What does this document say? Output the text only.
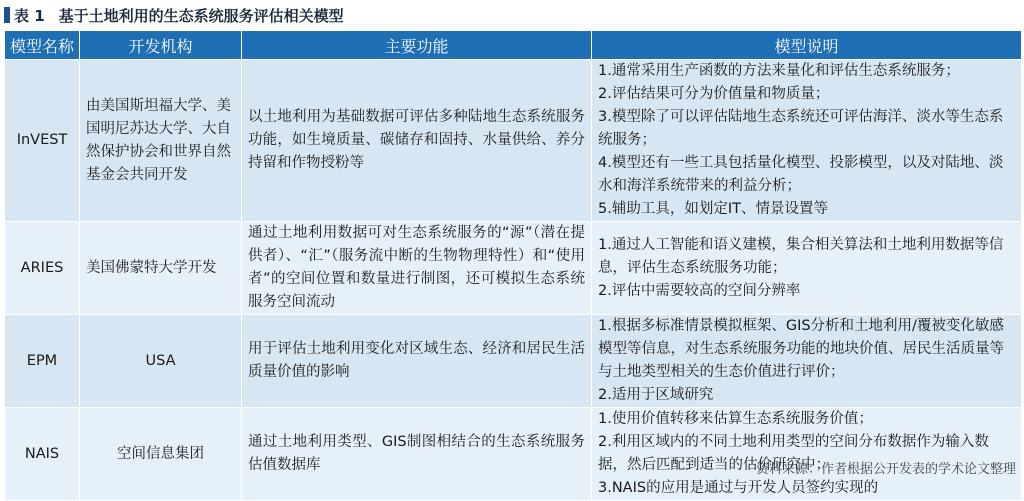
表 1 基于土地利用的生态系统服务评估相关模型
模型名称	开发机构	主要功能	模型说明
InVEST	由美国斯坦福大学、美国明尼苏达大学、大自然保护协会和世界自然基金会共同开发	以土地利用为基础数据可评估多种陆地生态系统服务功能，如生境质量、碳储存和固持、水量供给、养分持留和作物授粉等	1.通常采用生产函数的方法来量化和评估生态系统服务；
2.评估结果可分为价值量和物质量；
3.模型除了可以评估陆地生态系统还可评估海洋、淡水等生态系统服务；
4.模型还有一些工具包括量化模型、投影模型，以及对陆地、淡水和海洋系统带来的利益分析；
5.辅助工具，如划定IT、情景设置等

ARIES	美国佛蒙特大学开发	通过土地利用数据可对生态系统服务的“源”（潜在提供者）、“汇”（服务流中断的生物物理特性）和“使用者”的空间位置和数量进行制图，还可模拟生态系统服务空间流动	1.通过人工智能和语义建模，集合相关算法和土地利用数据等信息，评估生态系统服务功能；
2.评估中需要较高的空间分辨率

EPM	USA	用于评估土地利用变化对区域生态、经济和居民生活质量价值的影响	1.根据多标准情景模拟框架、GIS分析和土地利用/覆被变化敏感模型等信息，对生态系统服务功能的地块价值、居民生活质量等与土地类型相关的生态价值进行评价；
2.适用于区域研究

NAIS	空间信息集团	通过土地利用类型、GIS制图相结合的生态系统服务估值数据库	1.使用价值转移来估算生态系统服务价值；
2.利用区域内的不同土地利用类型的空间分布数据作为输入数据，然后匹配到适当的估价研究中；
3.NAIS的应用是通过与开发人员签约实现的
资料来源：作者根据公开发表的学术论文整理
